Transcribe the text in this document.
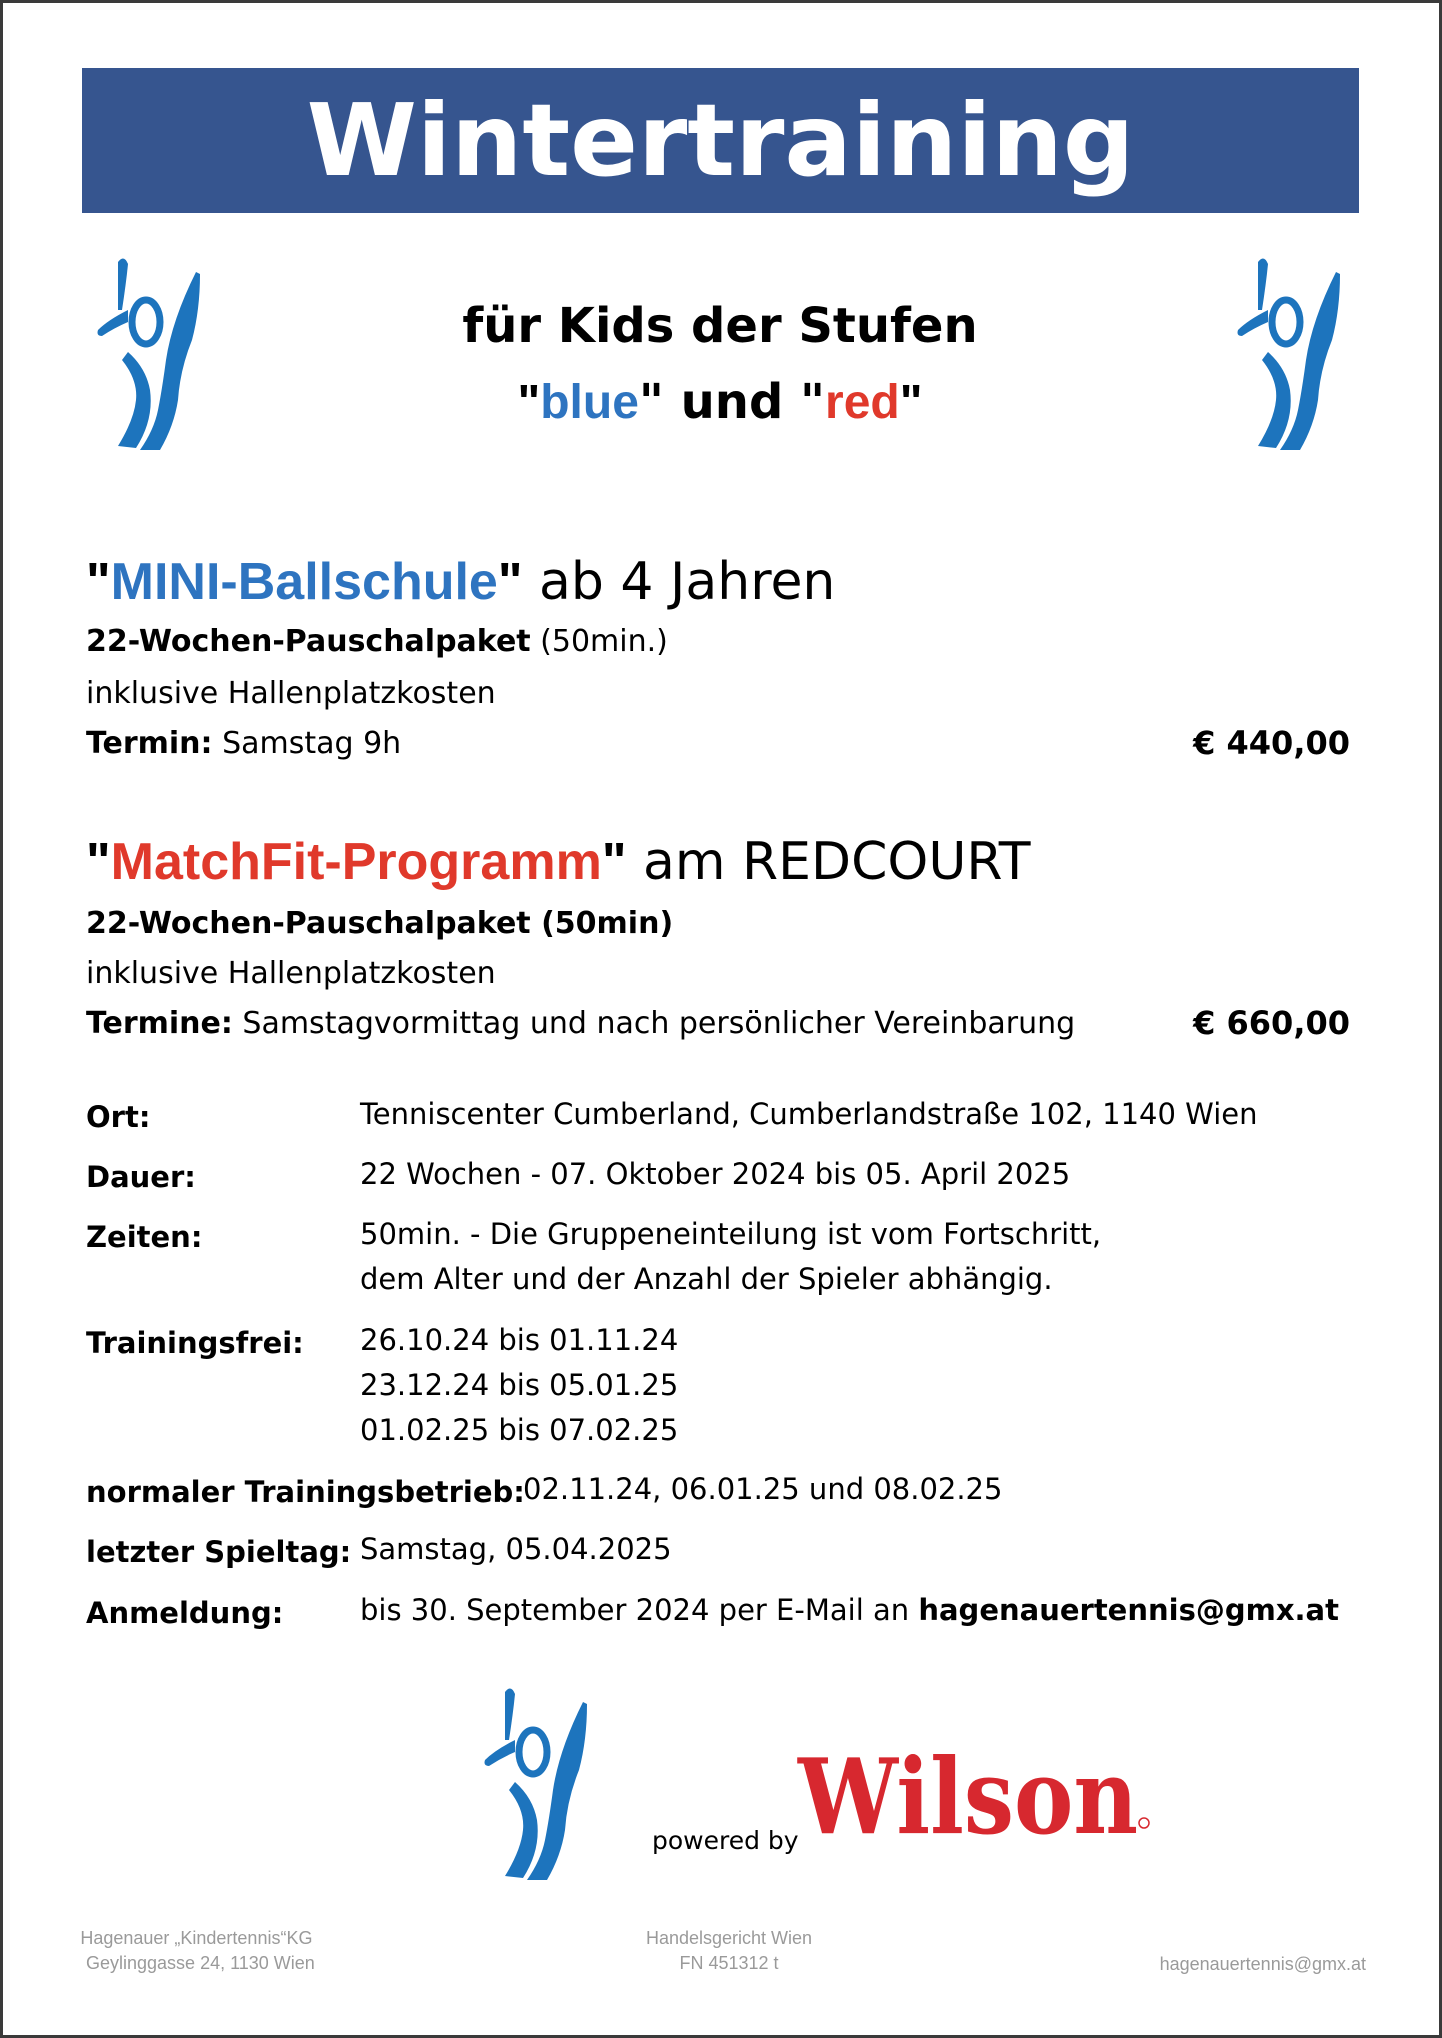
Wintertraining
für Kids der Stufen
"blue" und "red"
"MINI-Ballschule" ab 4 Jahren
22-Wochen-Pauschalpaket (50min.)
inklusive Hallenplatzkosten
Termin: Samstag 9h	€ 440,00
"MatchFit-Programm" am REDCOURT
22-Wochen-Pauschalpaket (50min)
inklusive Hallenplatzkosten
Termine: Samstagvormittag und nach persönlicher Vereinbarung	€ 660,00
Ort:	Tenniscenter Cumberland, Cumberlandstraße 102, 1140 Wien
Dauer:	22 Wochen - 07. Oktober 2024 bis 05. April 2025
Zeiten:	50min. - Die Gruppeneinteilung ist vom Fortschritt,
dem Alter und der Anzahl der Spieler abhängig.
Trainingsfrei: 26.10.24 bis 01.11.24
23.12.24 bis 05.01.25
01.02.25 bis 07.02.25
normaler Trainingsbetrieb:
02.11.24, 06.01.25 und 08.02.25
letzter Spieltag: Samstag, 05.04.2025
Anmeldung:	bis 30. September 2024 per E-Mail an hagenauertennis@gmx.at
powered by
Wilson
Hagenauer „Kindertennis“KG
Geylinggasse 24, 1130 Wien
Handelsgericht Wien
FN 451312 t	hagenauertennis@gmx.at
